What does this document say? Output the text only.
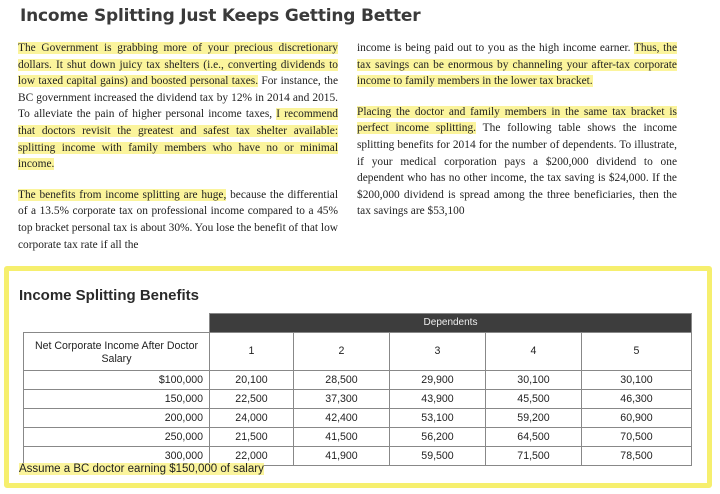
Income Splitting Just Keeps Getting Better

The Government is grabbing more of your precious discretionary dollars. It shut down juicy tax shelters (i.e., converting dividends to low taxed capital gains) and boosted personal taxes. For instance, the BC government increased the dividend tax by 12% in 2014 and 2015. To alleviate the pain of higher personal income taxes, I recommend that doctors revisit the greatest and safest tax shelter available: splitting income with family members who have no or minimal income.

The benefits from income splitting are huge, because the differential of a 13.5% corporate tax on professional income compared to a 45% top bracket personal tax is about 30%. You lose the benefit of that low corporate tax rate if all the

income is being paid out to you as the high income earner. Thus, the tax savings can be enormous by channeling your after-tax corporate income to family members in the lower tax bracket.

Placing the doctor and family members in the same tax bracket is perfect income splitting. The following table shows the income splitting benefits for 2014 for the number of dependents. To illustrate, if your medical corporation pays a $200,000 dividend to one dependent who has no other income, the tax saving is $24,000. If the $200,000 dividend is spread among the three beneficiaries, then the tax savings are $53,100

Income Splitting Benefits
	Dependents				
Net Corporate Income After Doctor Salary	1	2	3	4	5
$100,000	20,100	28,500	29,900	30,100	30,100
150,000	22,500	37,300	43,900	45,500	46,300
200,000	24,000	42,400	53,100	59,200	60,900
250,000	21,500	41,500	56,200	64,500	70,500
300,000	22,000	41,900	59,500	71,500	78,500
Assume a BC doctor earning $150,000 of salary
